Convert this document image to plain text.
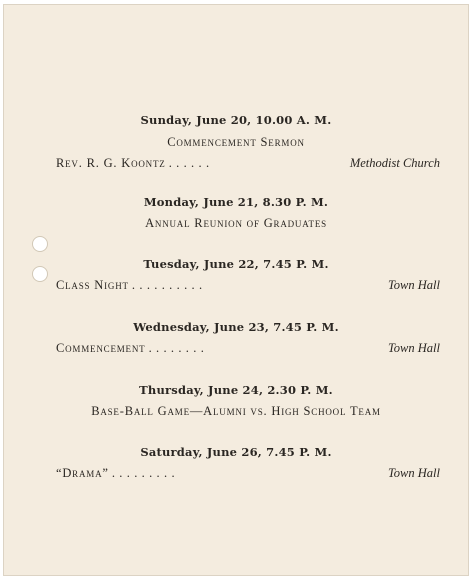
Sunday, June 20, 10.00 A. M.
Commencement Sermon
Rev. R. G. Koontz . . . . . .	Methodist Church
Monday, June 21, 8.30 P. M.
Annual Reunion of Graduates
Tuesday, June 22, 7.45 P. M.
Class Night . . . . . . . . . .	Town Hall
Wednesday, June 23, 7.45 P. M.
Commencement . . . . . . . .	Town Hall
Thursday, June 24, 2.30 P. M.
Base-Ball Game—Alumni vs. High School Team
Saturday, June 26, 7.45 P. M.
“Drama” . . . . . . . . .	Town Hall
